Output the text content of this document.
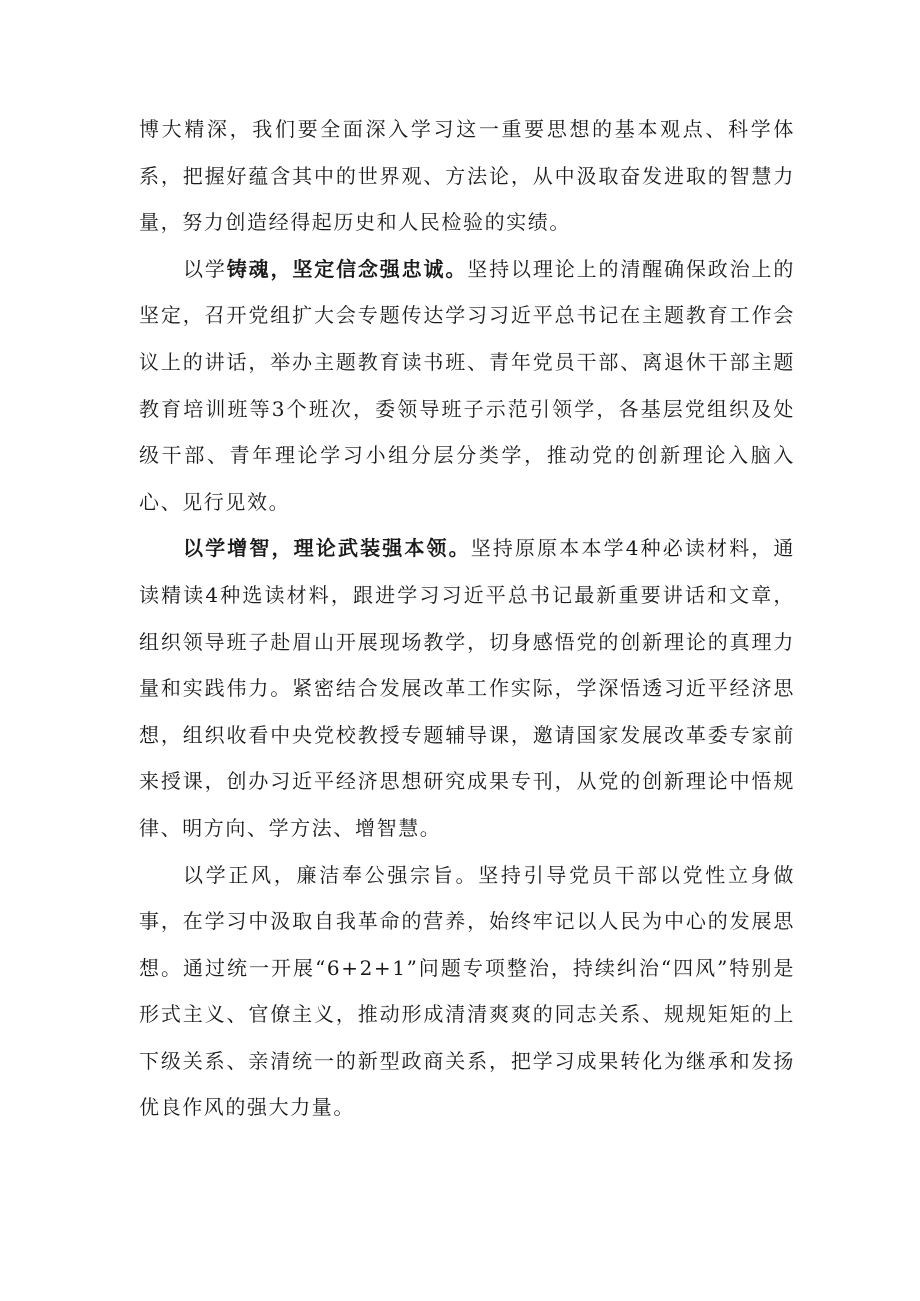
博大精深，我们要全面深入学习这一重要思想的基本观点、科学体系，把握好蕴含其中的世界观、方法论，从中汲取奋发进取的智慧力量，努力创造经得起历史和人民检验的实绩。

以学铸魂，坚定信念强忠诚。坚持以理论上的清醒确保政治上的坚定，召开党组扩大会专题传达学习习近平总书记在主题教育工作会议上的讲话，举办主题教育读书班、青年党员干部、离退休干部主题教育培训班等3个班次，委领导班子示范引领学，各基层党组织及处级干部、青年理论学习小组分层分类学，推动党的创新理论入脑入心、见行见效。

以学增智，理论武装强本领。坚持原原本本学4种必读材料，通读精读4种选读材料，跟进学习习近平总书记最新重要讲话和文章，组织领导班子赴眉山开展现场教学，切身感悟党的创新理论的真理力量和实践伟力。紧密结合发展改革工作实际，学深悟透习近平经济思想，组织收看中央党校教授专题辅导课，邀请国家发展改革委专家前来授课，创办习近平经济思想研究成果专刊，从党的创新理论中悟规律、明方向、学方法、增智慧。

以学正风，廉洁奉公强宗旨。坚持引导党员干部以党性立身做事，在学习中汲取自我革命的营养，始终牢记以人民为中心的发展思想。通过统一开展“6+2+1”问题专项整治，持续纠治“四风”特别是形式主义、官僚主义，推动形成清清爽爽的同志关系、规规矩矩的上下级关系、亲清统一的新型政商关系，把学习成果转化为继承和发扬优良作风的强大力量。
